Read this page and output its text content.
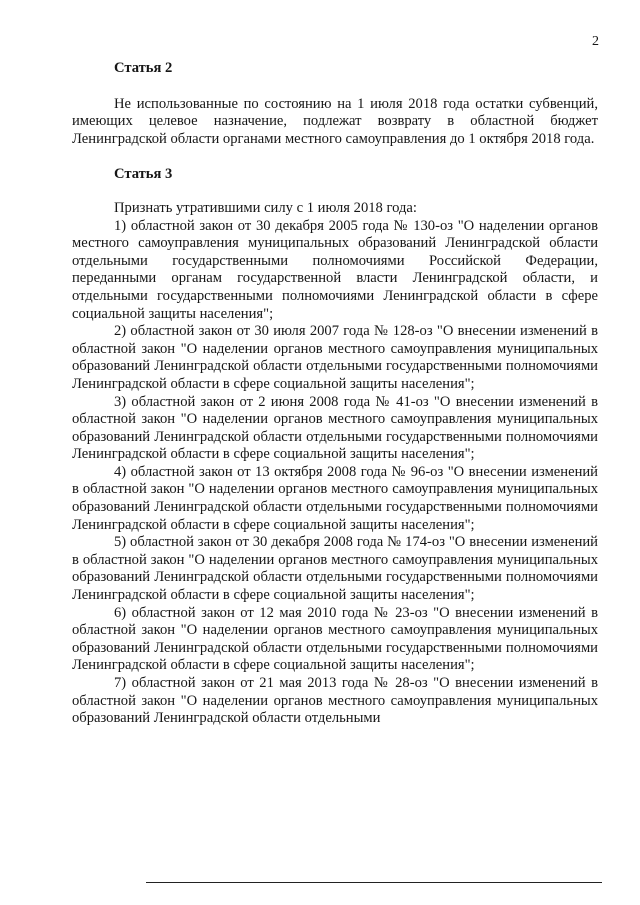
2
Статья 2

Не использованные по состоянию на 1 июля 2018 года остатки субвенций, имеющих целевое назначение, подлежат возврату в областной бюджет Ленинградской области органами местного самоуправления до 1 октября 2018 года.

Статья 3

Признать утратившими силу с 1 июля 2018 года:

1) областной закон от 30 декабря 2005 года № 130-оз "О наделении органов местного самоуправления муниципальных образований Ленинградской области отдельными государственными полномочиями Российской Федерации, переданными органам государственной власти Ленинградской области, и отдельными государственными полномочиями Ленинградской области в сфере социальной защиты населения";

2) областной закон от 30 июля 2007 года № 128-оз "О внесении изменений в областной закон "О наделении органов местного самоуправления муниципальных образований Ленинградской области отдельными государственными полномочиями Ленинградской области в сфере социальной защиты населения";

3) областной закон от 2 июня 2008 года № 41-оз "О внесении изменений в областной закон "О наделении органов местного самоуправления муниципальных образований Ленинградской области отдельными государственными полномочиями Ленинградской области в сфере социальной защиты населения";

4) областной закон от 13 октября 2008 года № 96-оз "О внесении изменений в областной закон "О наделении органов местного самоуправления муниципальных образований Ленинградской области отдельными государственными полномочиями Ленинградской области в сфере социальной защиты населения";

5) областной закон от 30 декабря 2008 года № 174-оз "О внесении изменений в областной закон "О наделении органов местного самоуправления муниципальных образований Ленинградской области отдельными государственными полномочиями Ленинградской области в сфере социальной защиты населения";

6) областной закон от 12 мая 2010 года № 23-оз "О внесении изменений в областной закон "О наделении органов местного самоуправления муниципальных образований Ленинградской области отдельными государственными полномочиями Ленинградской области в сфере социальной защиты населения";

7) областной закон от 21 мая 2013 года № 28-оз "О внесении изменений в областной закон "О наделении органов местного самоуправления муниципальных образований Ленинградской области отдельными
